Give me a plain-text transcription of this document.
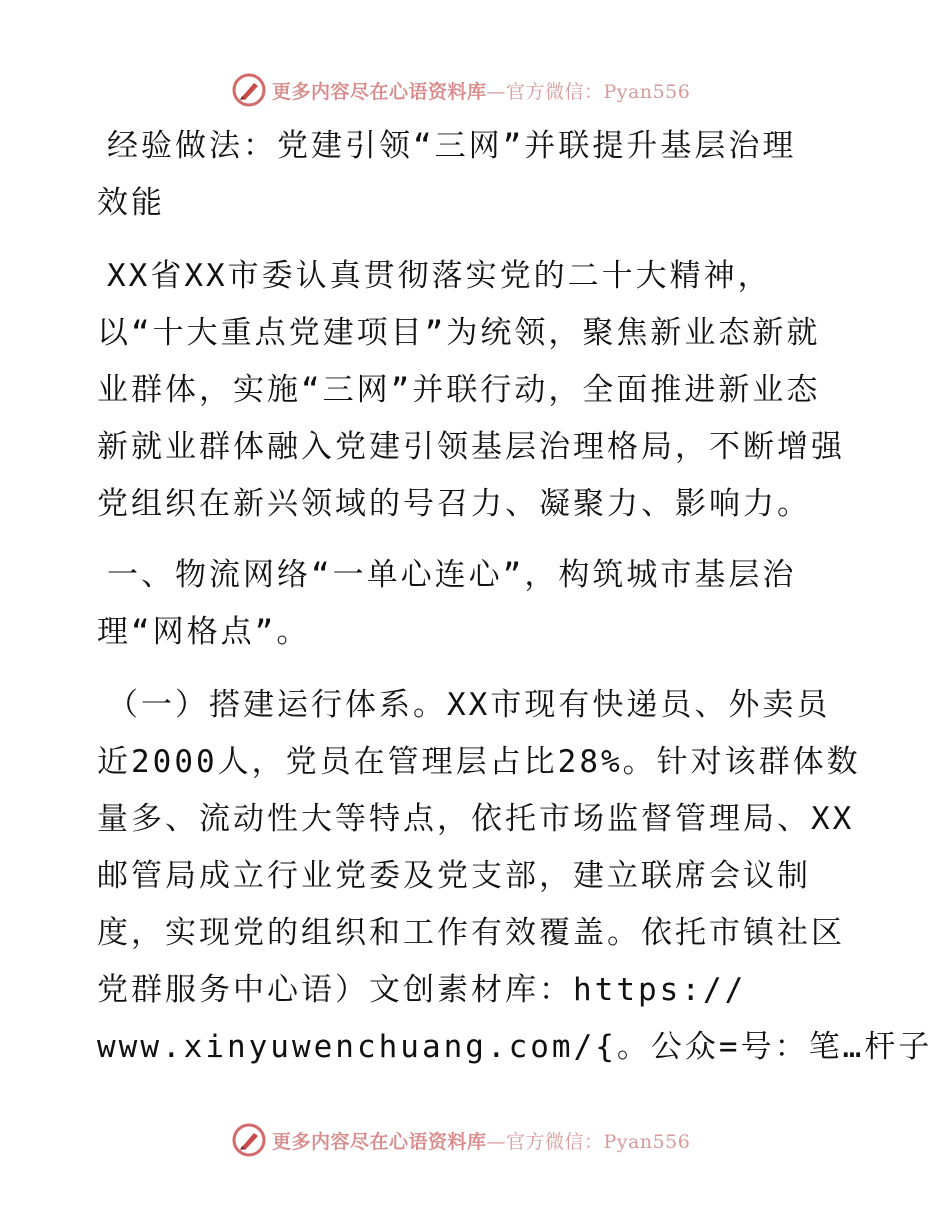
更多内容尽在心语资料库—官方微信：Pyan556

经验做法：党建引领“三网”并联提升基层治理
效能

XX省XX市委认真贯彻落实党的二十大精神，
以“十大重点党建项目”为统领，聚焦新业态新就
业群体，实施“三网”并联行动，全面推进新业态
新就业群体融入党建引领基层治理格局，不断增强
党组织在新兴领域的号召力、凝聚力、影响力。

一、物流网络“一单心连心”，构筑城市基层治
理“网格点”。

（一）搭建运行体系。XX市现有快递员、外卖员
近2000人，党员在管理层占比28%。针对该群体数
量多、流动性大等特点，依托市场监督管理局、XX
邮管局成立行业党委及党支部，建立联席会议制
度，实现党的组织和工作有效覆盖。依托市镇社区
党群服务中心语）文创素材库：https://
www.xinyuwenchuang.com/{。公众=号：笔…杆子

更多内容尽在心语资料库—官方微信：Pyan556
